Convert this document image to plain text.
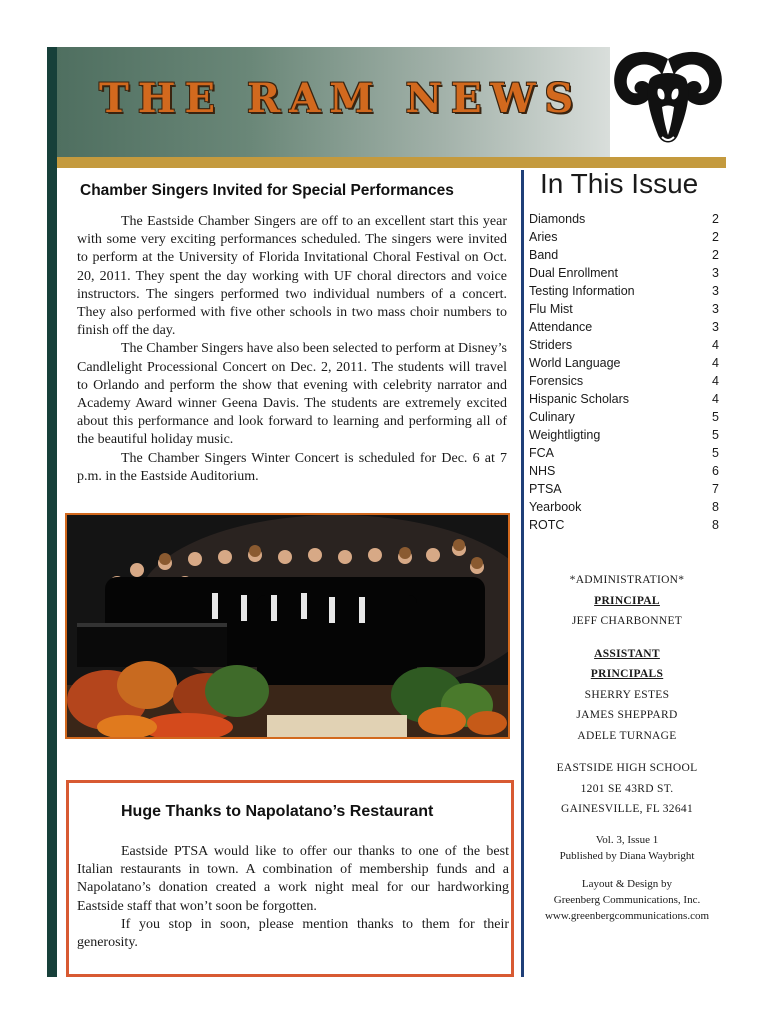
THE RAM NEWS
Chamber Singers Invited for Special Performances

The Eastside Chamber Singers are off to an excellent start this year with some very exciting performances scheduled. The singers were invited to perform at the University of Florida Invitational Choral Festival on Oct. 20, 2011. They spent the day working with UF choral directors and voice instructors. The singers performed two individual numbers of a concert. They also performed with five other schools in two mass choir numbers to finish off the day.

The Chamber Singers have also been selected to perform at Disney’s Candlelight Processional Concert on Dec. 2, 2011. The students will travel to Orlando and perform the show that evening with celebrity narrator and Academy Award winner Geena Davis. The students are extremely excited about this performance and look forward to learning and performing all of the beautiful holiday music.

The Chamber Singers Winter Concert is scheduled for Dec. 6 at 7 p.m. in the Eastside Auditorium.

Huge Thanks to Napolatano’s Restaurant

Eastside PTSA would like to offer our thanks to one of the best Italian restaurants in town. A combination of membership funds and a Napolatano’s donation created a work night meal for our hardworking Eastside staff that won’t soon be forgotten.

If you stop in soon, please mention thanks to them for their generosity.

In This Issue
Diamonds	2
Aries	2
Band	2
Dual Enrollment	3
Testing Information	3
Flu Mist	3
Attendance	3
Striders	4
World Language	4
Forensics	4
Hispanic Scholars	4
Culinary	5
Weightligting	5
FCA	5
NHS	6
PTSA	7
Yearbook	8
ROTC	8
*ADMINISTRATION*
PRINCIPAL
JEFF CHARBONNET
ASSISTANT
PRINCIPALS
SHERRY ESTES
JAMES SHEPPARD
ADELE TURNAGE
EASTSIDE HIGH SCHOOL
1201 SE 43RD ST.
GAINESVILLE, FL 32641
Vol. 3, Issue 1
Published by Diana Waybright
Layout & Design by
Greenberg Communications, Inc.
www.greenbergcommunications.com
